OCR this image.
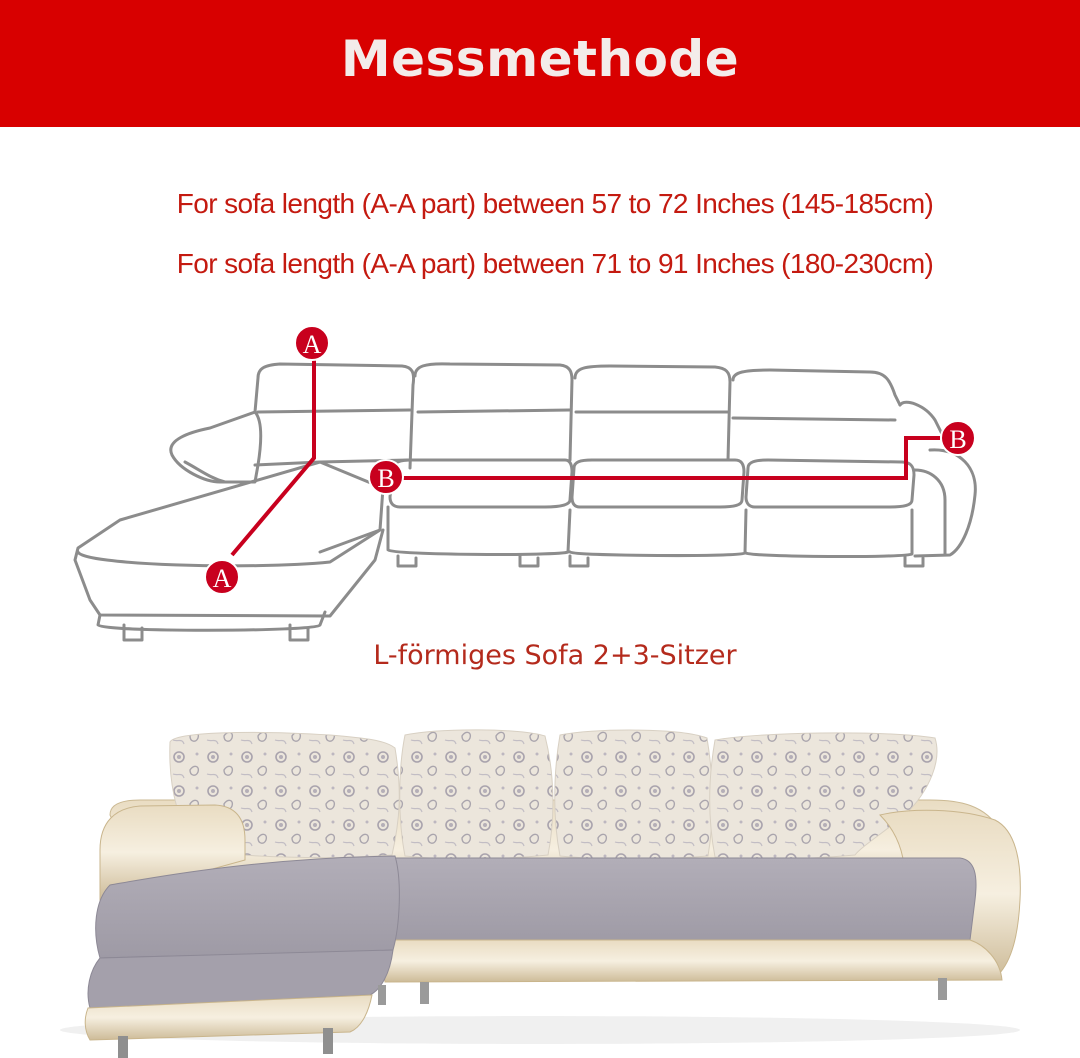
Messmethode
For sofa length (A-A part) between 57 to 72 Inches (145-185cm)
For sofa length (A-A part) between 71 to 91 Inches (180-230cm)
A
A
B
B
L-förmiges Sofa 2+3-Sitzer
